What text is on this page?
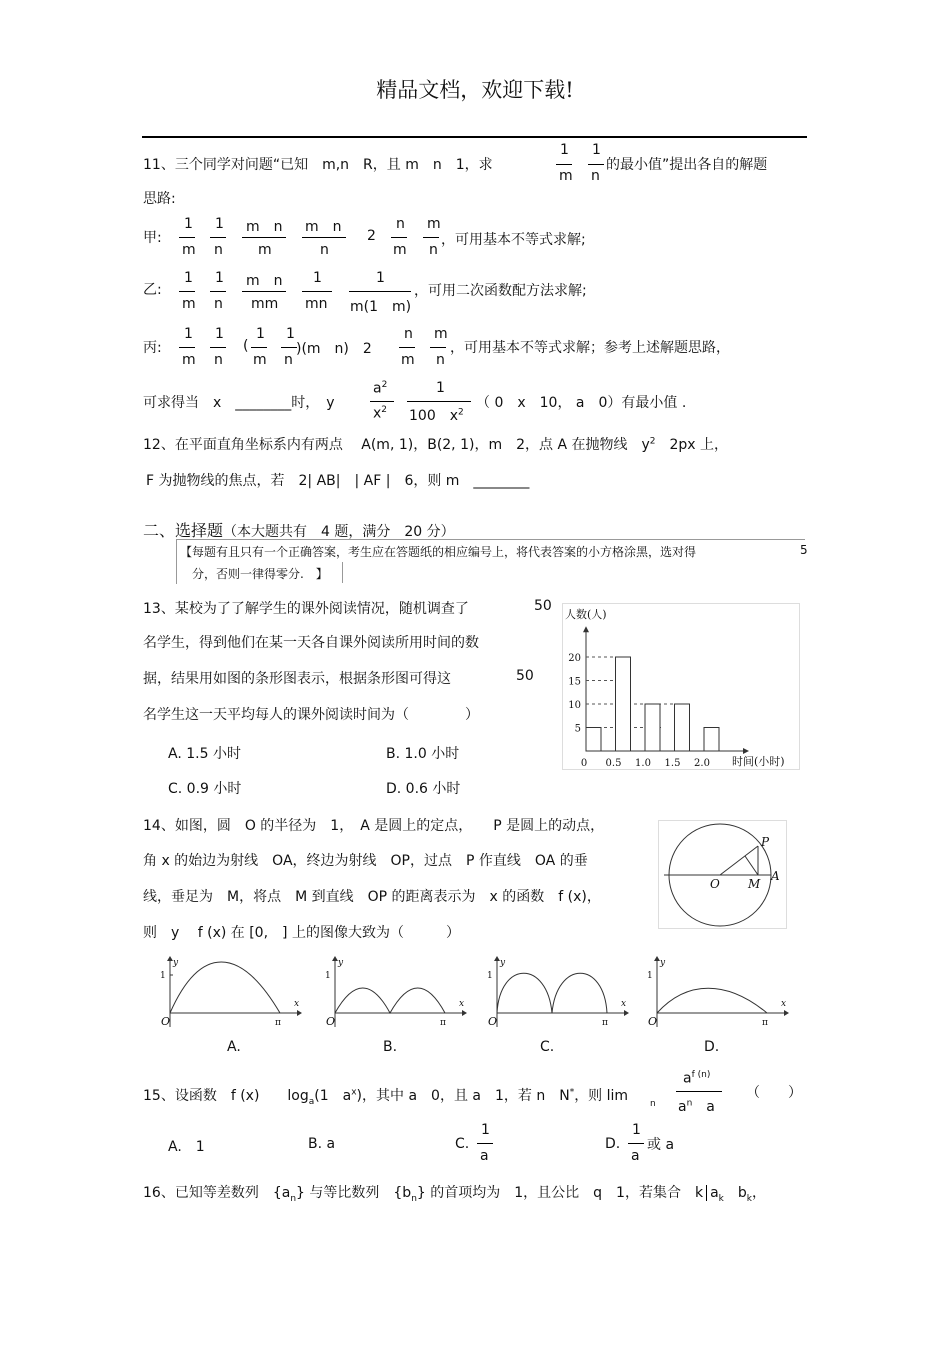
精品文档，欢迎下载!
11、三个同学对问题“已知　m,n　R，且 m　n　1，求
1
m
1
n
的最小值”提出各自的解题
思路:
甲:
1
m
1
n
m　n
m
m　n
n
2
n
m
m
n
，可用基本不等式求解;
乙:
1
m
1
n
m　n
mm
1
mn
1
m(1　m)
，可用二次函数配方法求解;
丙:
1
m
1
n
(
1
m
1
n
)(m　n)　2
n
m
m
n
，可用基本不等式求解；参考上述解题思路，
可求得当　x　________时，　y
$a^2$
$x^2$
1
100　$x^2$
（ 0　x　10， a　0）有最小值 .
12、在平面直角坐标系内有两点　 A(m, 1)，B(2, 1)，m　2，点 A 在抛物线　$y^2$　 2px 上，
F 为抛物线的焦点，若　2| AB|　| AF |　6，则 m　________
二、选择题（本大题共有　4 题，满分　20 分）
【每题有且只有一个正确答案，考生应在答题纸的相应编号上，将代表答案的小方格涂黑，选对得	5
分，否则一律得零分.　】
13、某校为了了解学生的课外阅读情况，随机调查了	50
名学生，得到他们在某一天各自课外阅读所用时间的数
据，结果用如图的条形图表示，根据条形图可得这	50
名学生这一天平均每人的课外阅读时间为（　　　　）
A. 1.5 小时	B. 1.0 小时
C. 0.9 小时	D. 0.6 小时
5
10
15
20
0 0.5 1.0 1.5 2.0
人数(人)
时间(小时)
14、如图，圆　O 的半径为　1，　A 是圆上的定点，　　P 是圆上的动点，
角 x 的始边为射线　OA，终边为射线　OP，过点　P 作直线　OA 的垂
线，垂足为　M，将点　M 到直线　OP 的距离表示为　x 的函数　f (x)，
则　y　 f (x) 在 [0,　] 上的图像大致为（　　　）
P
O M
A
y
1
O	π
x
y
1
O	π
x
y
1
O	π
x
y
1
O	π
x
A.	B.	C.	D.
15、设函数　f (x)　　$\log_a(1$　$a^x$)，其中 a　0，且 a　1，若 n　N*，则 lim n
$a^{f (n)}$
$a^n$　a
（　　）
A.　1	B. a	C.
1
a
D.
1
a
或 a
16、已知等差数列　$\{a_n\}$ 与等比数列　$\{b_n\}$ 的首项均为　1，且公比　q　1，若集合　k $a_k$　$b_k$，
